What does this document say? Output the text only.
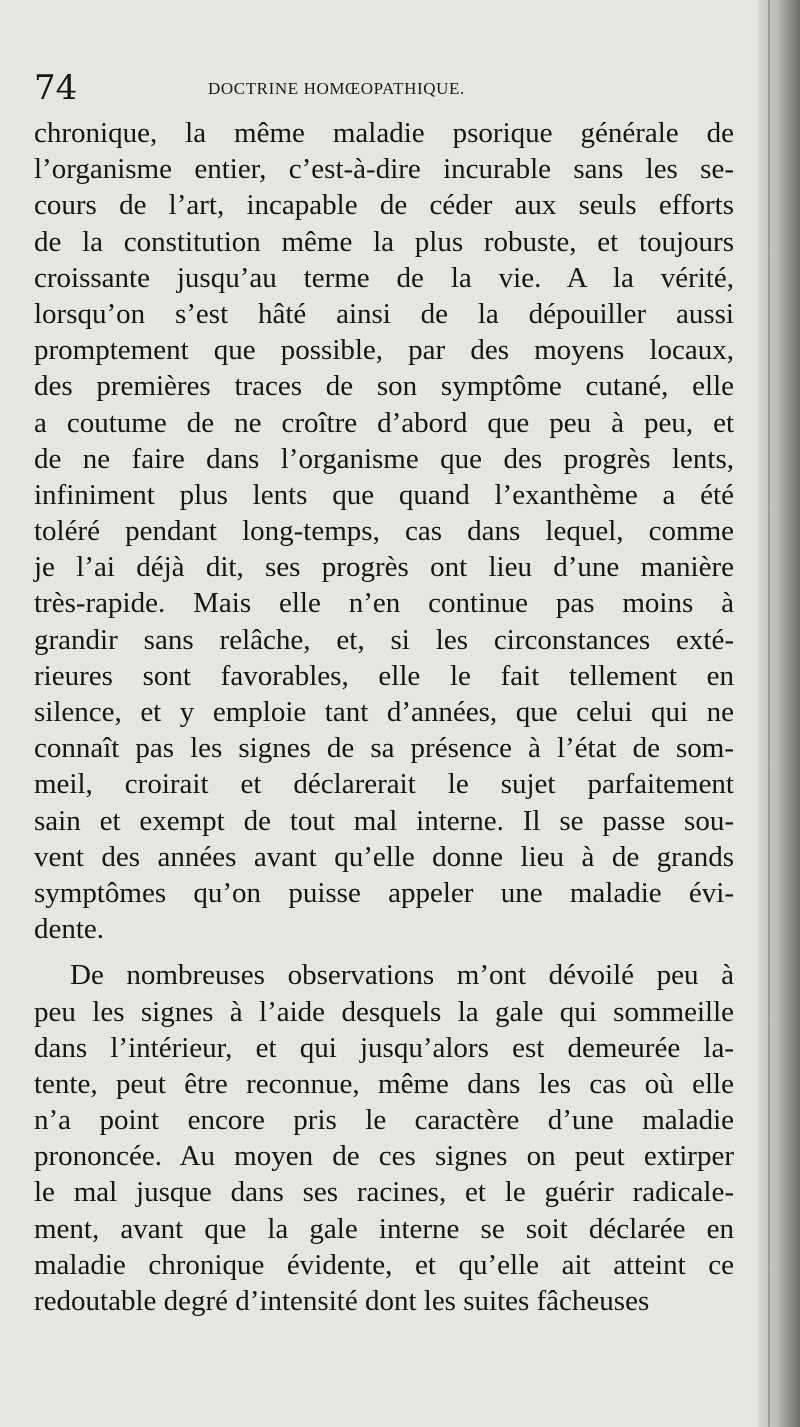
74	DOCTRINE HOMŒOPATHIQUE.
chronique, la même maladie psorique générale de
l’organisme entier, c’est-à-dire incurable sans les se-
cours de l’art, incapable de céder aux seuls efforts
de la constitution même la plus robuste, et toujours
croissante jusqu’au terme de la vie. A la vérité,
lorsqu’on s’est hâté ainsi de la dépouiller aussi
promptement que possible, par des moyens locaux,
des premières traces de son symptôme cutané, elle
a coutume de ne croître d’abord que peu à peu, et
de ne faire dans l’organisme que des progrès lents,
infiniment plus lents que quand l’exanthème a été
toléré pendant long-temps, cas dans lequel, comme
je l’ai déjà dit, ses progrès ont lieu d’une manière
très-rapide. Mais elle n’en continue pas moins à
grandir sans relâche, et, si les circonstances exté-
rieures sont favorables, elle le fait tellement en
silence, et y emploie tant d’années, que celui qui ne
connaît pas les signes de sa présence à l’état de som-
meil, croirait et déclarerait le sujet parfaitement
sain et exempt de tout mal interne. Il se passe sou-
vent des années avant qu’elle donne lieu à de grands
symptômes qu’on puisse appeler une maladie évi-
dente.
De nombreuses observations m’ont dévoilé peu à
peu les signes à l’aide desquels la gale qui sommeille
dans l’intérieur, et qui jusqu’alors est demeurée la-
tente, peut être reconnue, même dans les cas où elle
n’a point encore pris le caractère d’une maladie
prononcée. Au moyen de ces signes on peut extirper
le mal jusque dans ses racines, et le guérir radicale-
ment, avant que la gale interne se soit déclarée en
maladie chronique évidente, et qu’elle ait atteint ce
redoutable degré d’intensité dont les suites fâcheuses
